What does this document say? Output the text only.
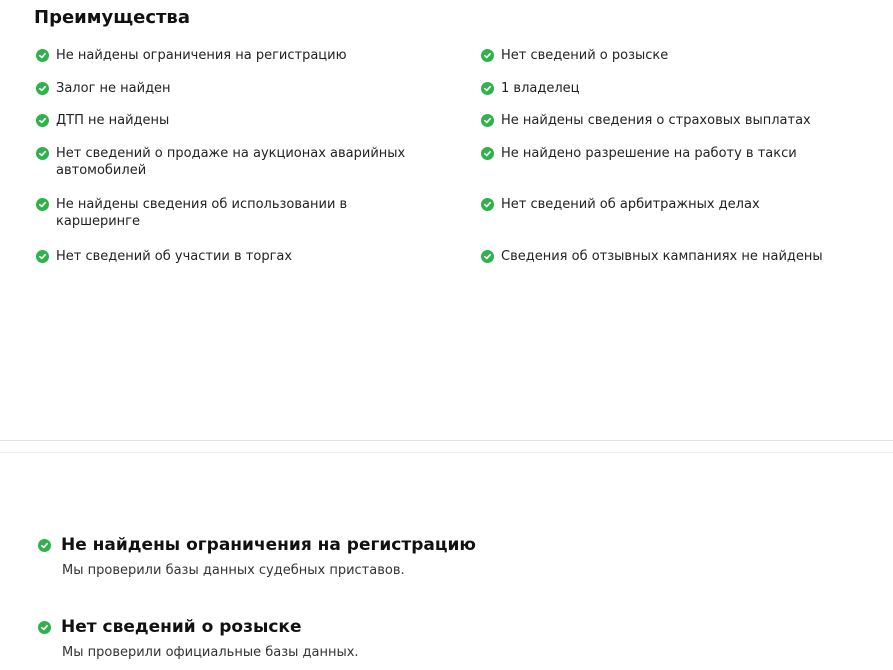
Преимущества
Не найдены ограничения на регистрацию
Залог не найден
ДТП не найдены
Нет сведений о продаже на аукционах аварийных автомобилей
Не найдены сведения об использовании в каршеринге
Нет сведений об участии в торгах
Нет сведений о розыске
1 владелец
Не найдены сведения о страховых выплатах
Не найдено разрешение на работу в такси
Нет сведений об арбитражных делах
Сведения об отзывных кампаниях не найдены
Не найдены ограничения на регистрацию
Мы проверили базы данных судебных приставов.
Нет сведений о розыске
Мы проверили официальные базы данных.
